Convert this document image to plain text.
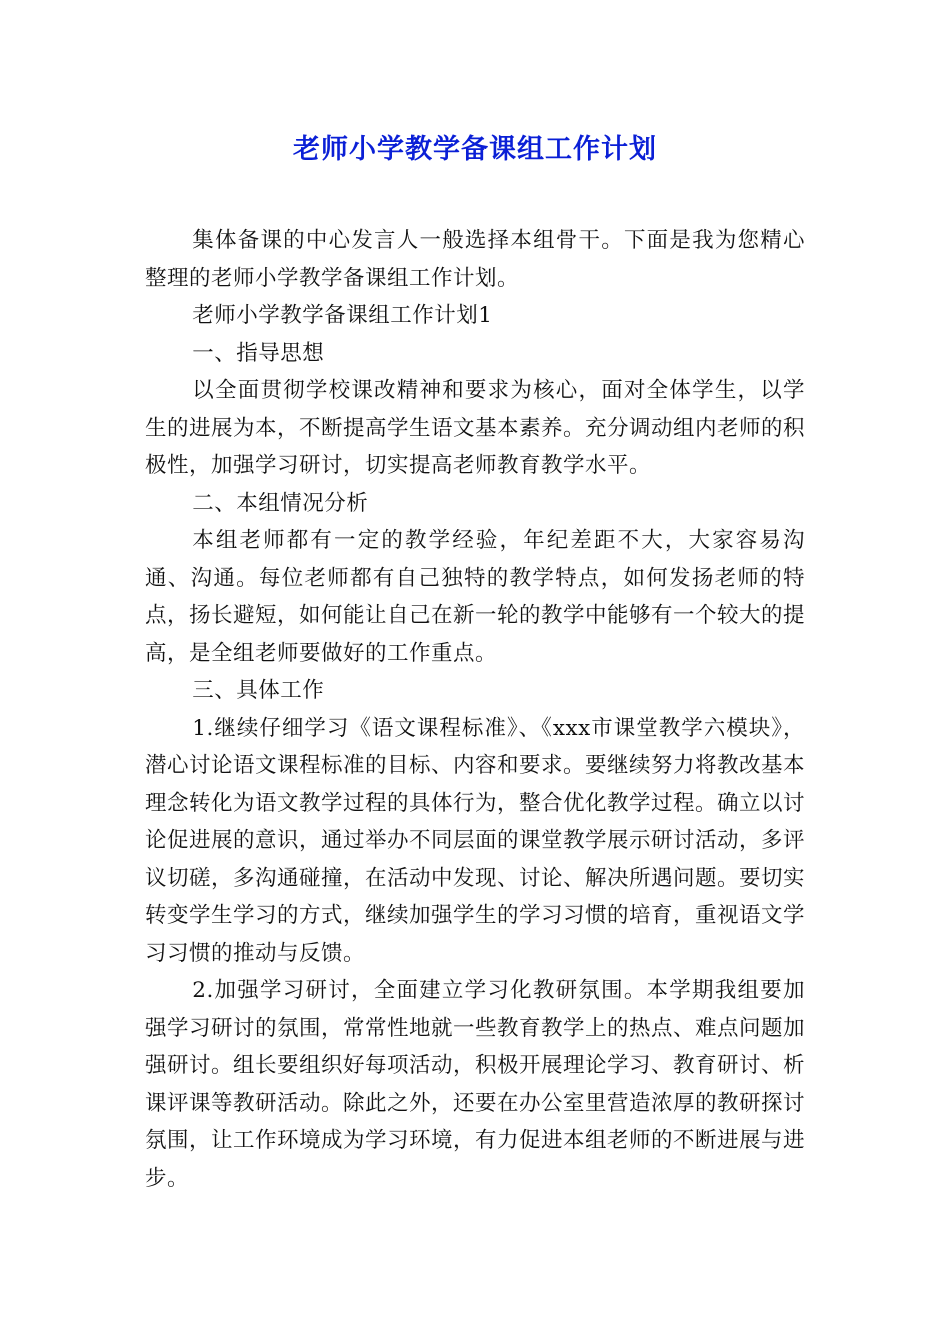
老师小学教学备课组工作计划

集体备课的中心发言人一般选择本组骨干。下面是我为您精心整理的老师小学教学备课组工作计划。

老师小学教学备课组工作计划1

一、指导思想

以全面贯彻学校课改精神和要求为核心，面对全体学生，以学生的进展为本，不断提高学生语文基本素养。充分调动组内老师的积极性，加强学习研讨，切实提高老师教育教学水平。

二、本组情况分析

本组老师都有一定的教学经验，年纪差距不大，大家容易沟通、沟通。每位老师都有自己独特的教学特点，如何发扬老师的特点，扬长避短，如何能让自己在新一轮的教学中能够有一个较大的提高，是全组老师要做好的工作重点。

三、具体工作

1.继续仔细学习《语文课程标准》、《xxx市课堂教学六模块》，潜心讨论语文课程标准的目标、内容和要求。要继续努力将教改基本理念转化为语文教学过程的具体行为，整合优化教学过程。确立以讨论促进展的意识，通过举办不同层面的课堂教学展示研讨活动，多评议切磋，多沟通碰撞，在活动中发现、讨论、解决所遇问题。要切实转变学生学习的方式，继续加强学生的学习习惯的培育，重视语文学习习惯的推动与反馈。

2.加强学习研讨，全面建立学习化教研氛围。本学期我组要加强学习研讨的氛围，常常性地就一些教育教学上的热点、难点问题加强研讨。组长要组织好每项活动，积极开展理论学习、教育研讨、析课评课等教研活动。除此之外，还要在办公室里营造浓厚的教研探讨氛围，让工作环境成为学习环境，有力促进本组老师的不断进展与进步。
